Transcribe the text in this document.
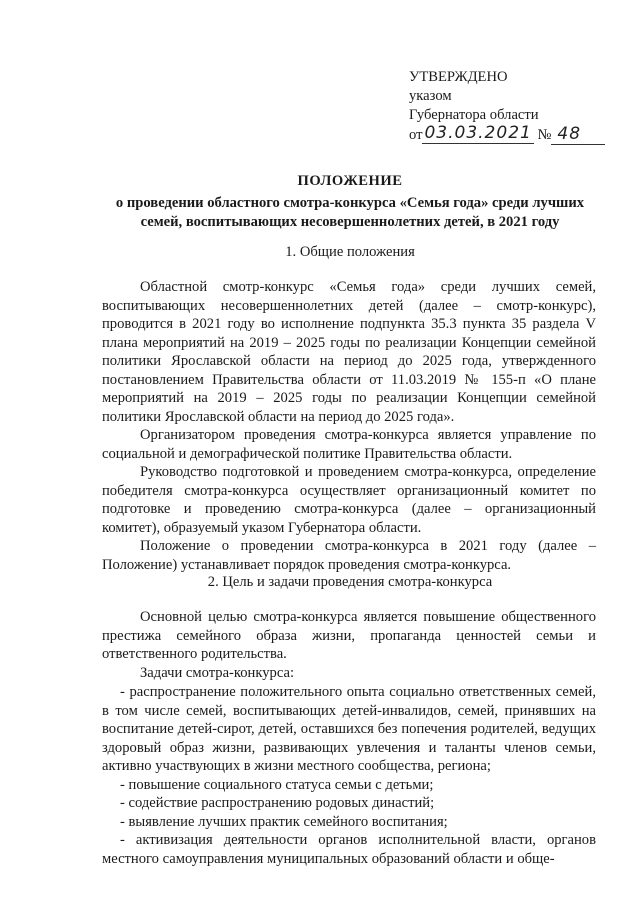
УТВЕРЖДЕНО
указом
Губернатора области
от 03.03.2021 № 48
ПОЛОЖЕНИЕ
о проведении областного смотра-конкурса «Семья года» среди лучших
семей, воспитывающих несовершеннолетних детей, в 2021 году
1. Общие положения
Областной смотр-конкурс «Семья года» среди лучших семей, воспитывающих несовершеннолетних детей (далее – смотр-конкурс), проводится в 2021 году во исполнение подпункта 35.3 пункта 35 раздела V плана мероприятий на 2019 – 2025 годы по реализации Концепции семейной политики Ярославской области на период до 2025 года, утвержденного постановлением Правительства области от 11.03.2019 № 155-п «О плане мероприятий на 2019 – 2025 годы по реализации Концепции семейной политики Ярославской области на период до 2025 года».
Организатором проведения смотра-конкурса является управление по социальной и демографической политике Правительства области.
Руководство подготовкой и проведением смотра-конкурса, определение победителя смотра-конкурса осуществляет организационный комитет по подготовке и проведению смотра-конкурса (далее – организационный комитет), образуемый указом Губернатора области.
Положение о проведении смотра-конкурса в 2021 году (далее – Положение) устанавливает порядок проведения смотра-конкурса.
2. Цель и задачи проведения смотра-конкурса
Основной целью смотра-конкурса является повышение общественного престижа семейного образа жизни, пропаганда ценностей семьи и ответственного родительства.
Задачи смотра-конкурса:
- распространение положительного опыта социально ответственных семей, в том числе семей, воспитывающих детей-инвалидов, семей, принявших на воспитание детей-сирот, детей, оставшихся без попечения родителей, ведущих здоровый образ жизни, развивающих увлечения и таланты членов семьи, активно участвующих в жизни местного сообщества, региона;
- повышение социального статуса семьи с детьми;
- содействие распространению родовых династий;
- выявление лучших практик семейного воспитания;
- активизация деятельности органов исполнительной власти, органов местного самоуправления муниципальных образований области и обще-
